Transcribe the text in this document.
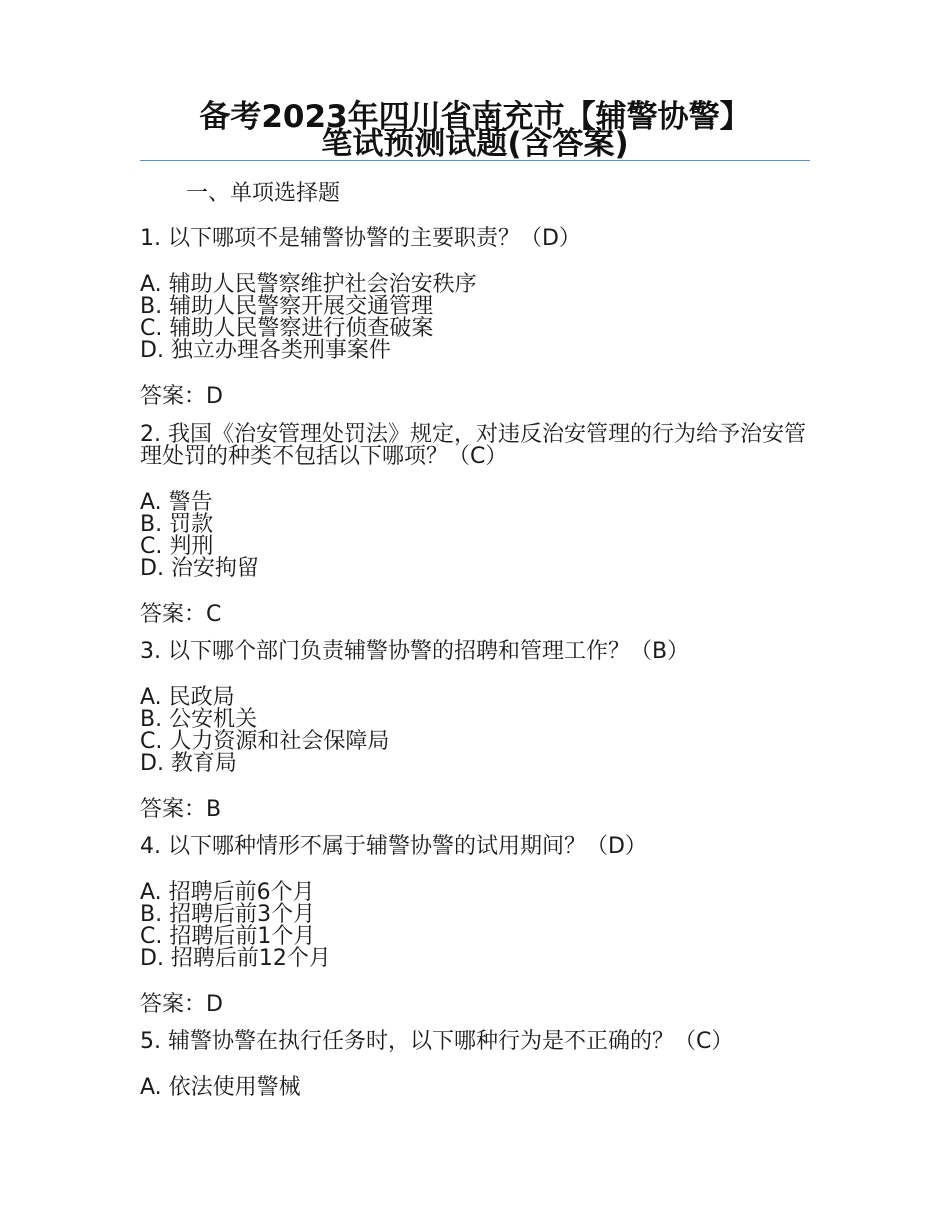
备考2023年四川省南充市【辅警协警】
笔试预测试题(含答案)
一、单项选择题
1. 以下哪项不是辅警协警的主要职责？（D）
A. 辅助人民警察维护社会治安秩序
B. 辅助人民警察开展交通管理
C. 辅助人民警察进行侦查破案
D. 独立办理各类刑事案件
答案：D
2. 我国《治安管理处罚法》规定，对违反治安管理的行为给予治安管理处罚的种类不包括以下哪项？（C）
A. 警告
B. 罚款
C. 判刑
D. 治安拘留
答案：C
3. 以下哪个部门负责辅警协警的招聘和管理工作？（B）
A. 民政局
B. 公安机关
C. 人力资源和社会保障局
D. 教育局
答案：B
4. 以下哪种情形不属于辅警协警的试用期间？（D）
A. 招聘后前6个月
B. 招聘后前3个月
C. 招聘后前1个月
D. 招聘后前12个月
答案：D
5. 辅警协警在执行任务时，以下哪种行为是不正确的？（C）
A. 依法使用警械
